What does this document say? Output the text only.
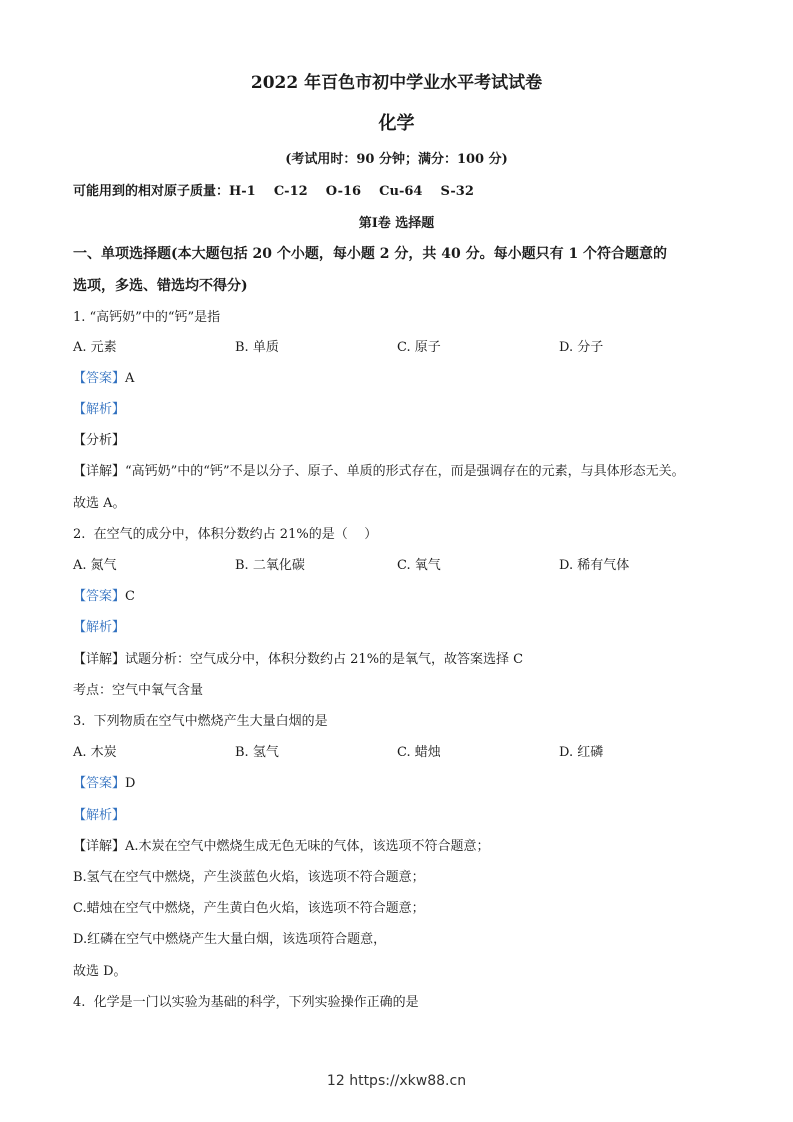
2022 年百色市初中学业水平考试试卷
化学
(考试用时：90 分钟；满分：100 分)
可能用到的相对原子质量：H-1    C-12    O-16    Cu-64    S-32
第Ⅰ卷 选择题
一、单项选择题(本大题包括 20 个小题，每小题 2 分，共 40 分。每小题只有 1 个符合题意的
选项，多选、错选均不得分)
1. “高钙奶”中的“钙”是指
A. 元素	B. 单质	C. 原子	D. 分子
【答案】A
【解析】
【分析】
【详解】“高钙奶”中的“钙”不是以分子、原子、单质的形式存在，而是强调存在的元素，与具体形态无关。
故选 A。
2.  在空气的成分中，体积分数约占 21%的是（    ）
A. 氮气	B. 二氧化碳	C. 氧气	D. 稀有气体
【答案】C
【解析】
【详解】试题分析：空气成分中，体积分数约占 21%的是氧气，故答案选择 C
考点：空气中氧气含量
3.  下列物质在空气中燃烧产生大量白烟的是
A. 木炭	B. 氢气	C. 蜡烛	D. 红磷
【答案】D
【解析】
【详解】A.木炭在空气中燃烧生成无色无味的气体，该选项不符合题意；
B.氢气在空气中燃烧，产生淡蓝色火焰，该选项不符合题意；
C.蜡烛在空气中燃烧，产生黄白色火焰，该选项不符合题意；
D.红磷在空气中燃烧产生大量白烟，该选项符合题意，
故选 D。
4.  化学是一门以实验为基础的科学，下列实验操作正确的是
12 https://xkw88.cn
